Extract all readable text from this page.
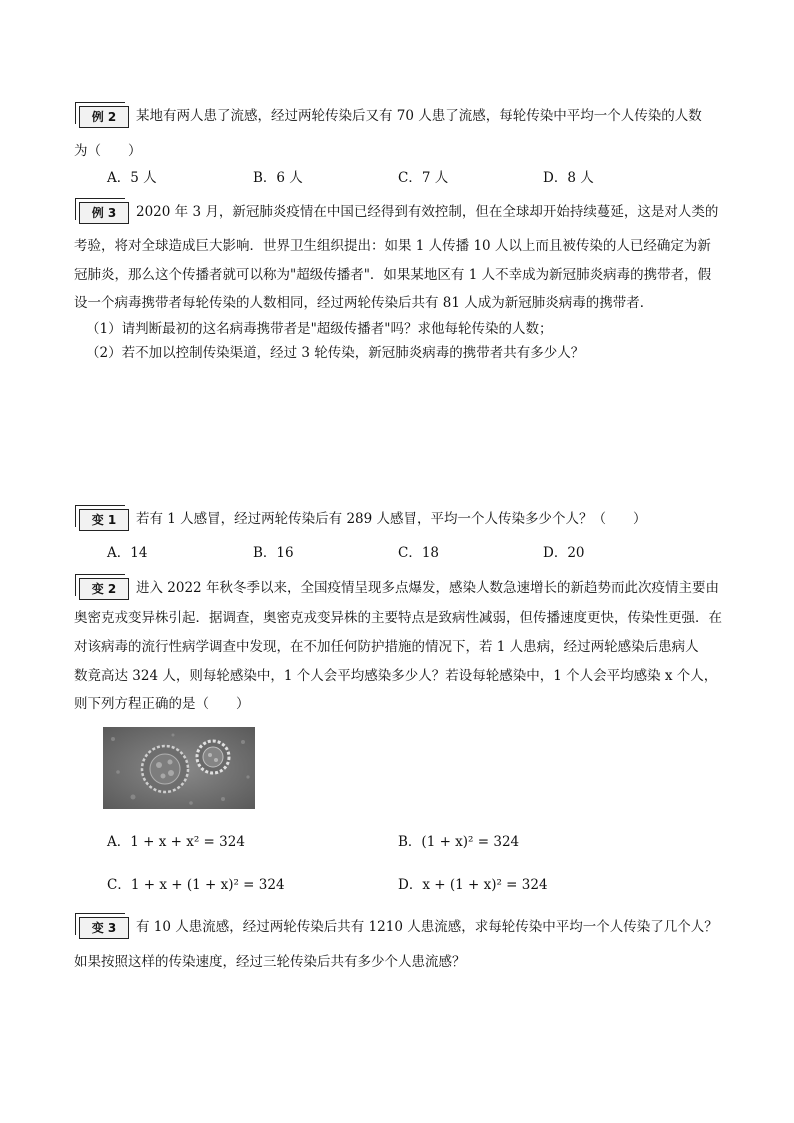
例 2	某地有两人患了流感，经过两轮传染后又有 70 人患了流感，每轮传染中平均一个人传染的人数
为（　　）
A．5 人	B．6 人	C．7 人	D．8 人
例 3	2020 年 3 月，新冠肺炎疫情在中国已经得到有效控制，但在全球却开始持续蔓延，这是对人类的
考验，将对全球造成巨大影响．世界卫生组织提出：如果 1 人传播 10 人以上而且被传染的人已经确定为新
冠肺炎，那么这个传播者就可以称为"超级传播者"．如果某地区有 1 人不幸成为新冠肺炎病毒的携带者，假
设一个病毒携带者每轮传染的人数相同，经过两轮传染后共有 81 人成为新冠肺炎病毒的携带者．
（1）请判断最初的这名病毒携带者是"超级传播者"吗？求他每轮传染的人数；
（2）若不加以控制传染渠道，经过 3 轮传染，新冠肺炎病毒的携带者共有多少人？
变 1	若有 1 人感冒，经过两轮传染后有 289 人感冒，平均一个人传染多少个人？（　　）
A．14	B．16	C．18	D．20
变 2	进入 2022 年秋冬季以来，全国疫情呈现多点爆发，感染人数急速增长的新趋势而此次疫情主要由
奥密克戎变异株引起．据调查，奥密克戎变异株的主要特点是致病性减弱，但传播速度更快，传染性更强．在
对该病毒的流行性病学调查中发现，在不加任何防护措施的情况下，若 1 人患病，经过两轮感染后患病人
数竟高达 324 人，则每轮感染中，1 个人会平均感染多少人？若设每轮感染中，1 个人会平均感染 x 个人，
则下列方程正确的是（　　）
A．1 + x + x² = 324	B．(1 + x)² = 324
C．1 + x + (1 + x)² = 324	D．x + (1 + x)² = 324
变 3	有 10 人患流感，经过两轮传染后共有 1210 人患流感，求每轮传染中平均一个人传染了几个人？
如果按照这样的传染速度，经过三轮传染后共有多少个人患流感？
